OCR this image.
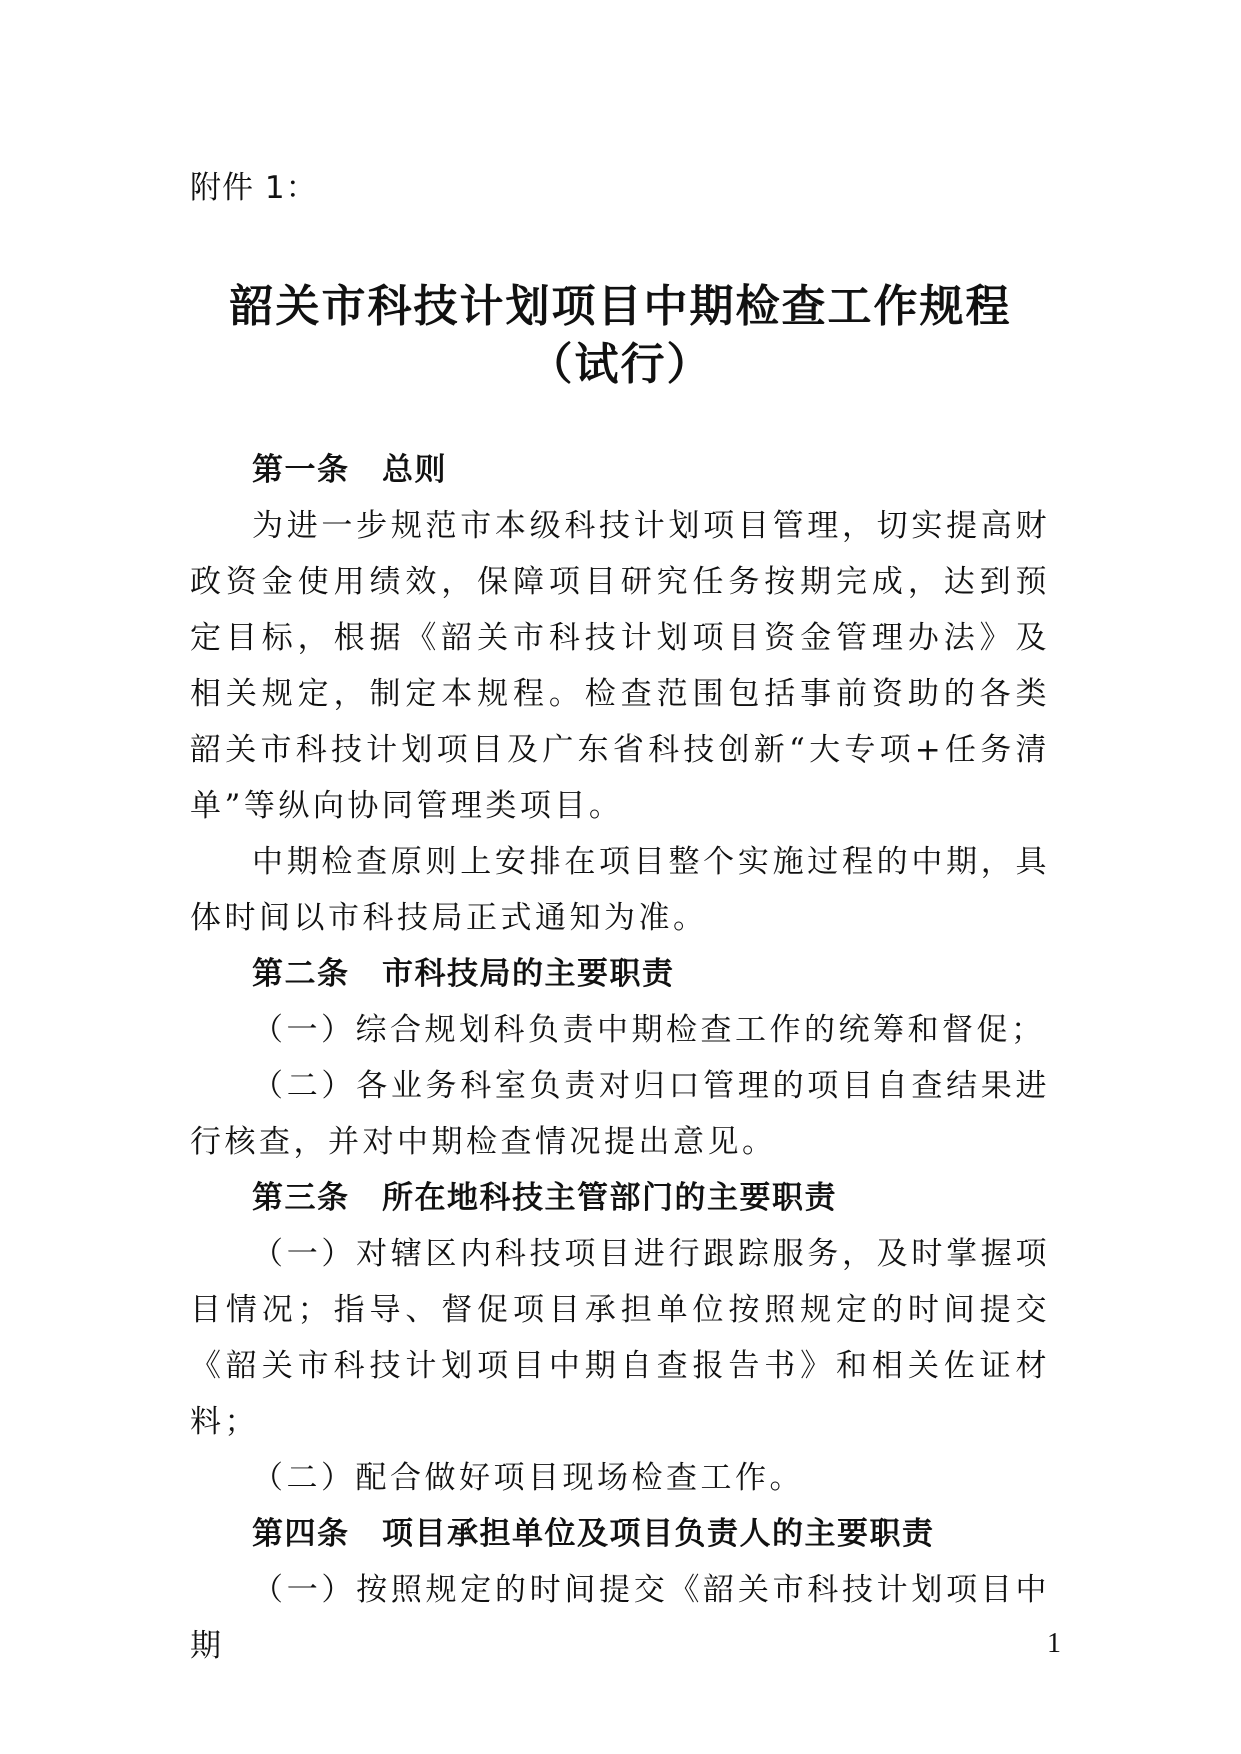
附件 1：
韶关市科技计划项目中期检查工作规程
（试行）

第一条　总则

为进一步规范市本级科技计划项目管理，切实提高财政资金使用绩效，保障项目研究任务按期完成，达到预定目标，根据《韶关市科技计划项目资金管理办法》及相关规定，制定本规程。检查范围包括事前资助的各类韶关市科技计划项目及广东省科技创新“大专项+任务清单”等纵向协同管理类项目。

中期检查原则上安排在项目整个实施过程的中期，具体时间以市科技局正式通知为准。

第二条　市科技局的主要职责

（一）综合规划科负责中期检查工作的统筹和督促；

（二）各业务科室负责对归口管理的项目自查结果进行核查，并对中期检查情况提出意见。

第三条　所在地科技主管部门的主要职责

（一）对辖区内科技项目进行跟踪服务，及时掌握项目情况；指导、督促项目承担单位按照规定的时间提交《韶关市科技计划项目中期自查报告书》和相关佐证材料；

（二）配合做好项目现场检查工作。

第四条　项目承担单位及项目负责人的主要职责

（一）按照规定的时间提交《韶关市科技计划项目中期	1
